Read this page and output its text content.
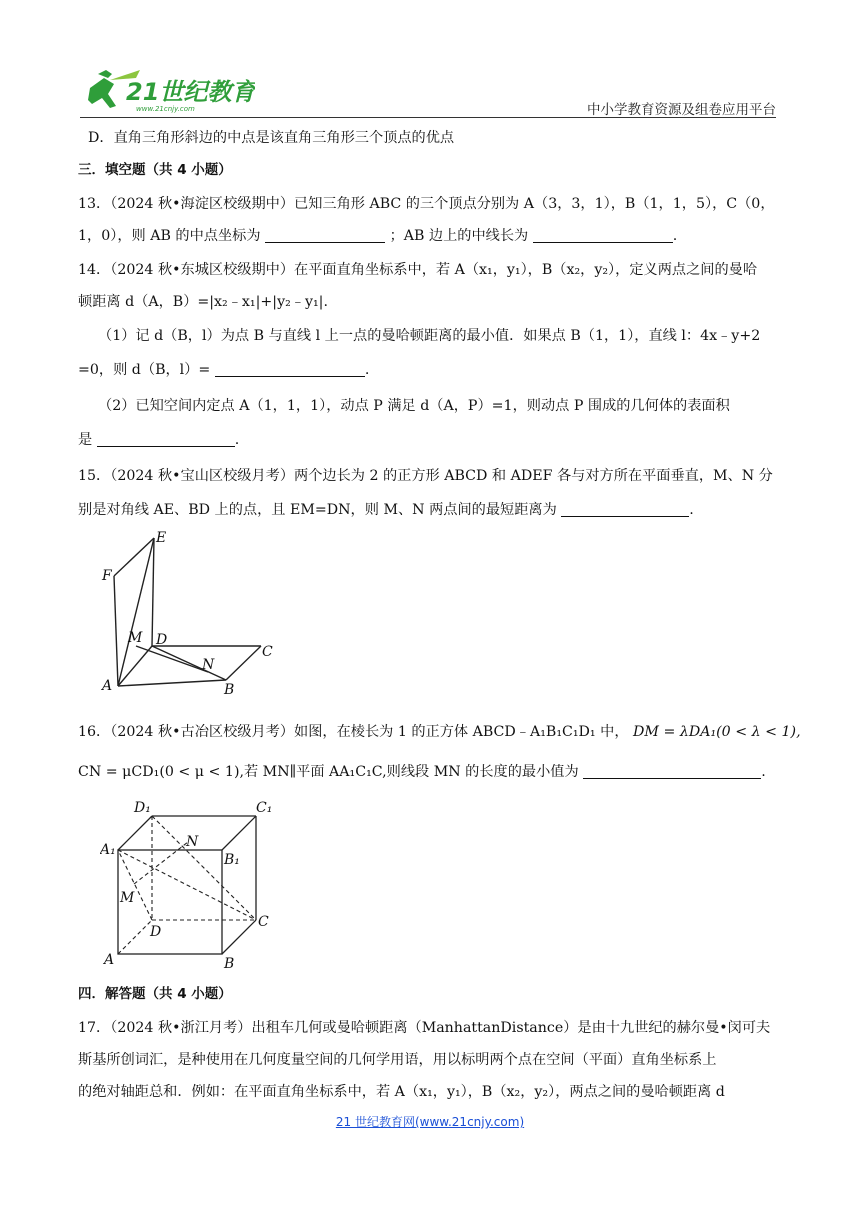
21世纪教育
www.21cnjy.com	中小学教育资源及组卷应用平台
D．直角三角形斜边的中点是该直角三角形三个顶点的优点
三．填空题（共 4 小题）
13．（2024 秋•海淀区校级期中）已知三角形 ABC 的三个顶点分别为 A（3，3，1），B（1，1，5），C（0，
1，0），则 AB 的中点坐标为	；AB 边上的中线长为	.
14．（2024 秋•东城区校级期中）在平面直角坐标系中，若 A（x₁，y₁），B（x₂，y₂），定义两点之间的曼哈
顿距离 d（A，B）=|x₂﹣x₁|+|y₂﹣y₁|.
（1）记 d（B，l）为点 B 与直线 l 上一点的曼哈顿距离的最小值．如果点 B（1，1），直线 l：4x﹣y+2
=0，则 d（B，l）=	.
（2）已知空间内定点 A（1，1，1），动点 P 满足 d（A，P）=1，则动点 P 围成的几何体的表面积
是	.
15．（2024 秋•宝山区校级月考）两个边长为 2 的正方形 ABCD 和 ADEF 各与对方所在平面垂直，M、N 分
别是对角线 AE、BD 上的点，且 EM=DN，则 M、N 两点间的最短距离为	.
E
F
M D
N
C
A	B
16．（2024 秋•古冶区校级月考）如图，在棱长为 1 的正方体 ABCD﹣A₁B₁C₁D₁ 中， DM = λDA₁(0 < λ < 1),
CN = μCD₁(0 < μ < 1),若 MN∥平面 AA₁C₁C,则线段 MN 的长度的最小值为	.
D₁	C₁
A₁	N
B₁
M
D
C
A	B
四．解答题（共 4 小题）
17．（2024 秋•浙江月考）出租车几何或曼哈顿距离（ManhattanDistance）是由十九世纪的赫尔曼•闵可夫
斯基所创词汇，是种使用在几何度量空间的几何学用语，用以标明两个点在空间（平面）直角坐标系上
的绝对轴距总和．例如：在平面直角坐标系中，若 A（x₁，y₁），B（x₂，y₂），两点之间的曼哈顿距离 d
21 世纪教育网(www.21cnjy.com)
